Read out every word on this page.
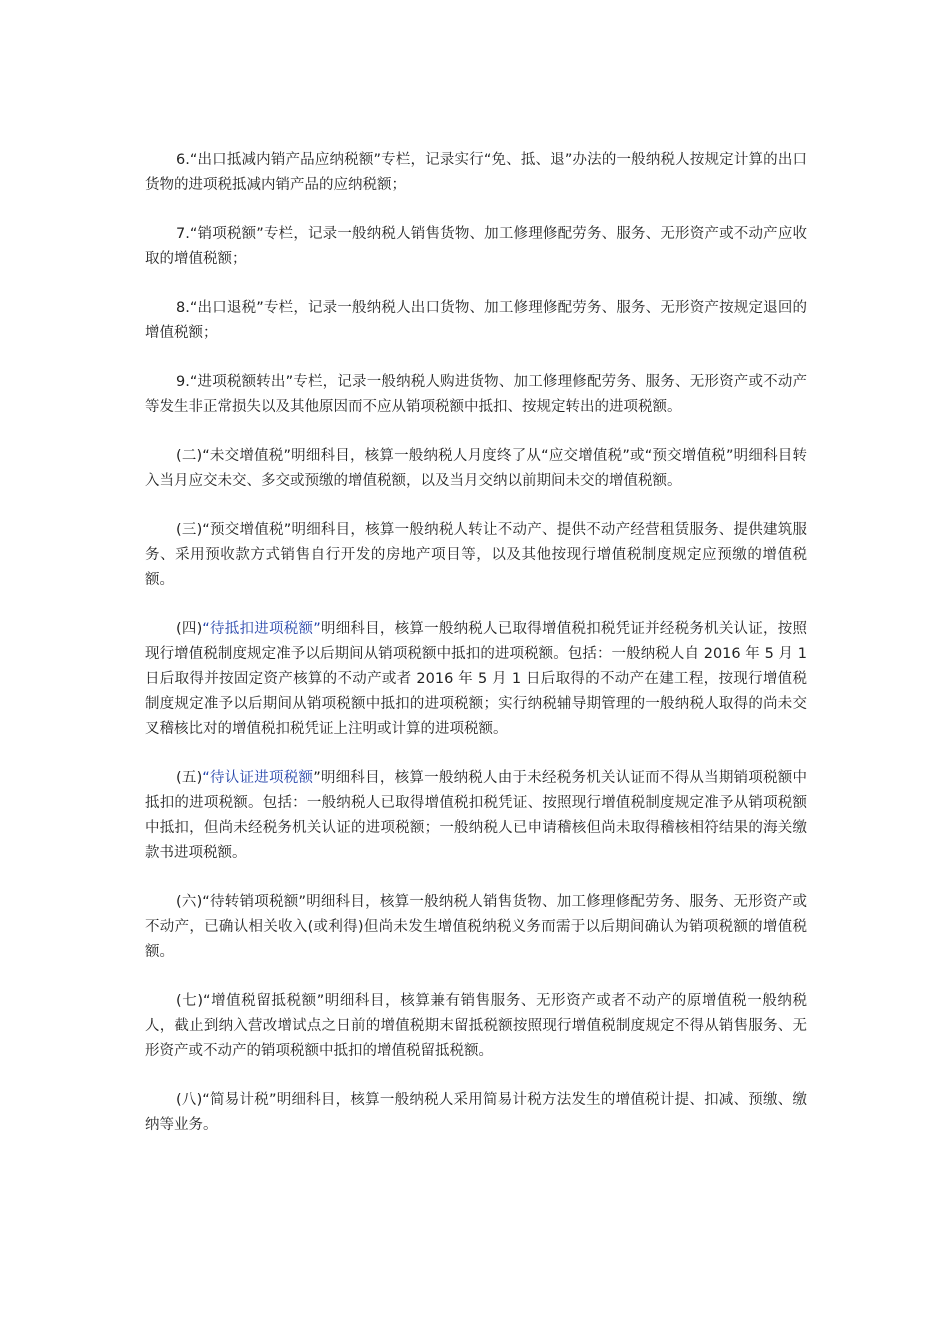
6.“出口抵减内销产品应纳税额”专栏，记录实行“免、抵、退”办法的一般纳税人按规定计算的出口货物的进项税抵减内销产品的应纳税额；

7.“销项税额”专栏，记录一般纳税人销售货物、加工修理修配劳务、服务、无形资产或不动产应收取的增值税额；

8.“出口退税”专栏，记录一般纳税人出口货物、加工修理修配劳务、服务、无形资产按规定退回的增值税额；

9.“进项税额转出”专栏，记录一般纳税人购进货物、加工修理修配劳务、服务、无形资产或不动产等发生非正常损失以及其他原因而不应从销项税额中抵扣、按规定转出的进项税额。

(二)“未交增值税”明细科目，核算一般纳税人月度终了从“应交增值税”或“预交增值税”明细科目转入当月应交未交、多交或预缴的增值税额，以及当月交纳以前期间未交的增值税额。

(三)“预交增值税”明细科目，核算一般纳税人转让不动产、提供不动产经营租赁服务、提供建筑服务、采用预收款方式销售自行开发的房地产项目等，以及其他按现行增值税制度规定应预缴的增值税额。

(四)“待抵扣进项税额”明细科目，核算一般纳税人已取得增值税扣税凭证并经税务机关认证，按照现行增值税制度规定准予以后期间从销项税额中抵扣的进项税额。包括：一般纳税人自 2016 年 5 月 1 日后取得并按固定资产核算的不动产或者 2016 年 5 月 1 日后取得的不动产在建工程，按现行增值税制度规定准予以后期间从销项税额中抵扣的进项税额；实行纳税辅导期管理的一般纳税人取得的尚未交叉稽核比对的增值税扣税凭证上注明或计算的进项税额。

(五)“待认证进项税额”明细科目，核算一般纳税人由于未经税务机关认证而不得从当期销项税额中抵扣的进项税额。包括：一般纳税人已取得增值税扣税凭证、按照现行增值税制度规定准予从销项税额中抵扣，但尚未经税务机关认证的进项税额；一般纳税人已申请稽核但尚未取得稽核相符结果的海关缴款书进项税额。

(六)“待转销项税额”明细科目，核算一般纳税人销售货物、加工修理修配劳务、服务、无形资产或不动产，已确认相关收入(或利得)但尚未发生增值税纳税义务而需于以后期间确认为销项税额的增值税额。

(七)“增值税留抵税额”明细科目，核算兼有销售服务、无形资产或者不动产的原增值税一般纳税人，截止到纳入营改增试点之日前的增值税期末留抵税额按照现行增值税制度规定不得从销售服务、无形资产或不动产的销项税额中抵扣的增值税留抵税额。

(八)“简易计税”明细科目，核算一般纳税人采用简易计税方法发生的增值税计提、扣减、预缴、缴纳等业务。
